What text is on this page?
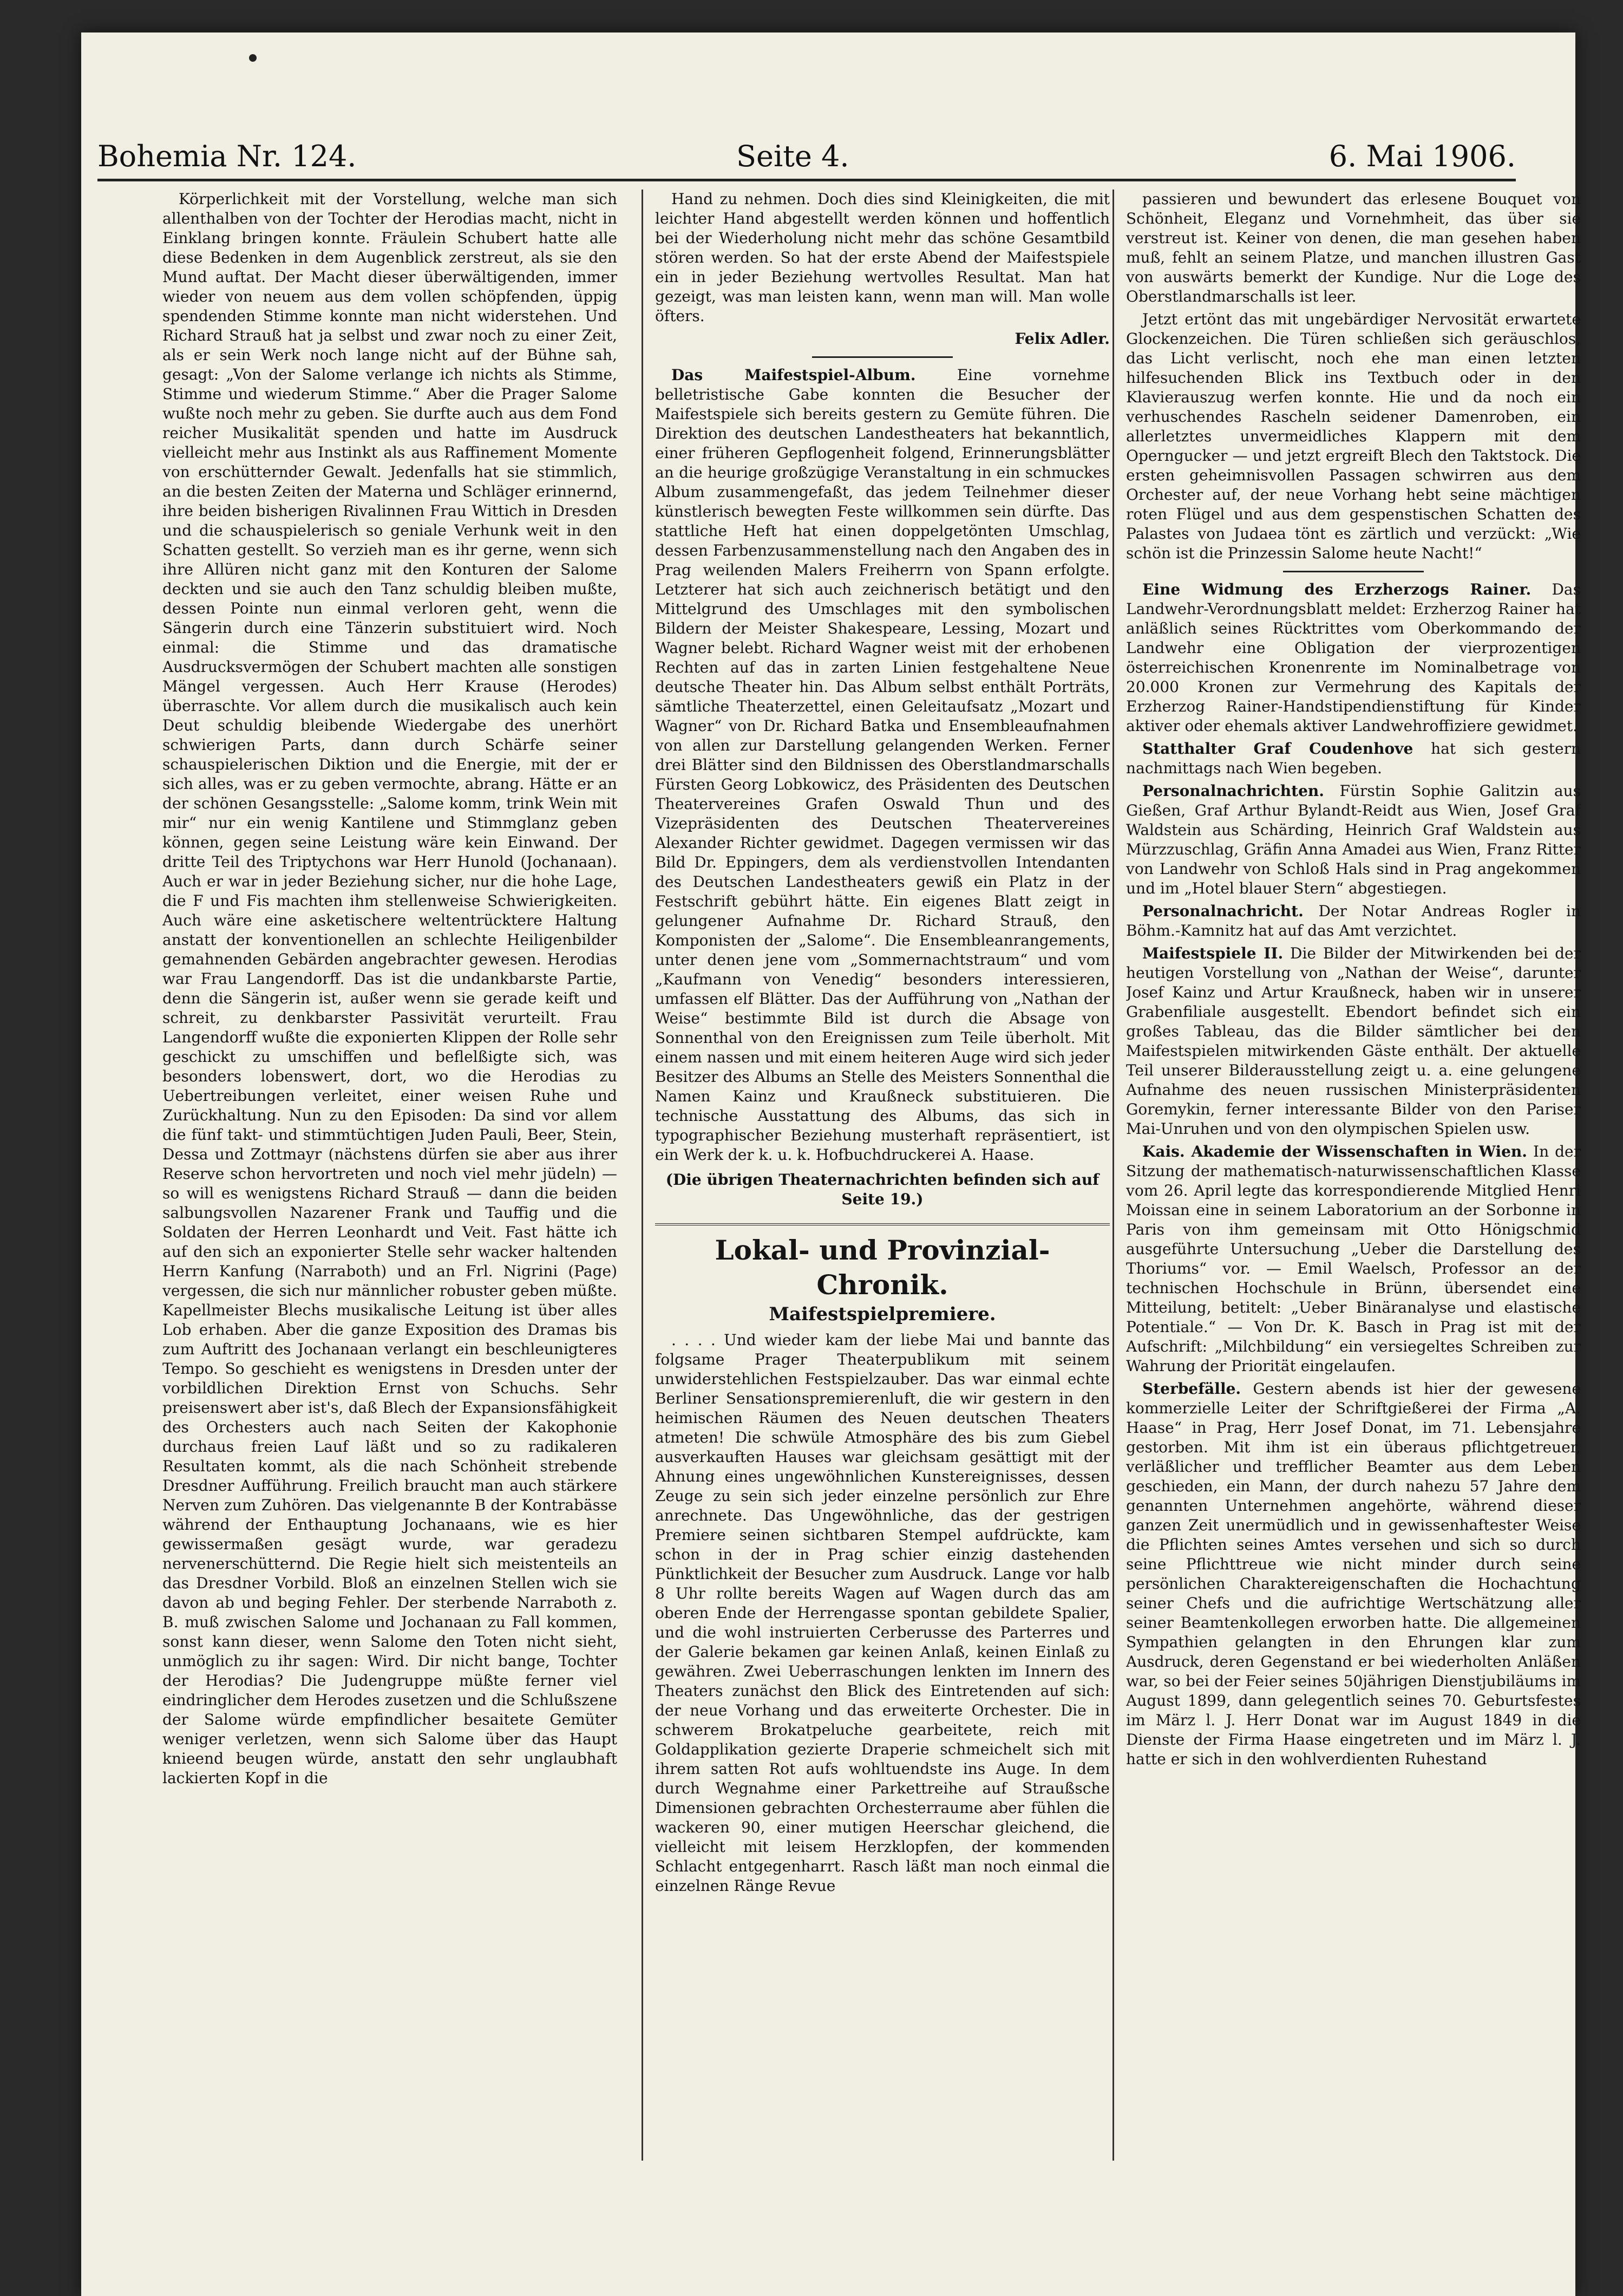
Bohemia Nr. 124.	Seite 4.	6. Mai 1906.

Körperlichkeit mit der Vorstellung, welche man sich allenthalben von der Tochter der Herodias macht, nicht in Einklang bringen konnte. Fräulein Schubert hatte alle diese Bedenken in dem Augenblick zerstreut, als sie den Mund auftat. Der Macht dieser überwältigenden, immer wieder von neuem aus dem vollen schöpfenden, üppig spendenden Stimme konnte man nicht widerstehen. Und Richard Strauß hat ja selbst und zwar noch zu einer Zeit, als er sein Werk noch lange nicht auf der Bühne sah, gesagt: „Von der Salome verlange ich nichts als Stimme, Stimme und wiederum Stimme.“ Aber die Prager Salome wußte noch mehr zu geben. Sie durfte auch aus dem Fond reicher Musikalität spenden und hatte im Ausdruck vielleicht mehr aus Instinkt als aus Raffinement Momente von erschütternder Gewalt. Jedenfalls hat sie stimmlich, an die besten Zeiten der Materna und Schläger erinnernd, ihre beiden bisherigen Rivalinnen Frau Wittich in Dresden und die schauspielerisch so geniale Verhunk weit in den Schatten gestellt. So verzieh man es ihr gerne, wenn sich ihre Allüren nicht ganz mit den Konturen der Salome deckten und sie auch den Tanz schuldig bleiben mußte, dessen Pointe nun einmal verloren geht, wenn die Sängerin durch eine Tänzerin substituiert wird. Noch einmal: die Stimme und das dramatische Ausdrucksvermögen der Schubert machten alle sonstigen Mängel vergessen. Auch Herr Krause (Herodes) überraschte. Vor allem durch die musikalisch auch kein Deut schuldig bleibende Wiedergabe des unerhört schwierigen Parts, dann durch Schärfe seiner schauspielerischen Diktion und die Energie, mit der er sich alles, was er zu geben vermochte, abrang. Hätte er an der schönen Gesangsstelle: „Salome komm, trink Wein mit mir“ nur ein wenig Kantilene und Stimmglanz geben können, gegen seine Leistung wäre kein Einwand. Der dritte Teil des Triptychons war Herr Hunold (Jochanaan). Auch er war in jeder Beziehung sicher, nur die hohe Lage, die F und Fis machten ihm stellenweise Schwierigkeiten. Auch wäre eine asketischere weltentrücktere Haltung anstatt der konventionellen an schlechte Heiligenbilder gemahnenden Gebärden angebrachter gewesen. Herodias war Frau Langendorff. Das ist die undankbarste Partie, denn die Sängerin ist, außer wenn sie gerade keift und schreit, zu denkbarster Passivität verurteilt. Frau Langendorff wußte die exponierten Klippen der Rolle sehr geschickt zu umschiffen und beflelßigte sich, was besonders lobenswert, dort, wo die Herodias zu Uebertreibungen verleitet, einer weisen Ruhe und Zurückhaltung. Nun zu den Episoden: Da sind vor allem die fünf takt- und stimmtüchtigen Juden Pauli, Beer, Stein, Dessa und Zottmayr (nächstens dürfen sie aber aus ihrer Reserve schon hervortreten und noch viel mehr jüdeln) — so will es wenigstens Richard Strauß — dann die beiden salbungsvollen Nazarener Frank und Tauffig und die Soldaten der Herren Leonhardt und Veit. Fast hätte ich auf den sich an exponierter Stelle sehr wacker haltenden Herrn Kanfung (Narraboth) und an Frl. Nigrini (Page) vergessen, die sich nur männlicher robuster geben müßte. Kapellmeister Blechs musikalische Leitung ist über alles Lob erhaben. Aber die ganze Exposition des Dramas bis zum Auftritt des Jochanaan verlangt ein beschleunigteres Tempo. So geschieht es wenigstens in Dresden unter der vorbildlichen Direktion Ernst von Schuchs. Sehr preisenswert aber ist's, daß Blech der Expansionsfähigkeit des Orchesters auch nach Seiten der Kakophonie durchaus freien Lauf läßt und so zu radikaleren Resultaten kommt, als die nach Schönheit strebende Dresdner Aufführung. Freilich braucht man auch stärkere Nerven zum Zuhören. Das vielgenannte B der Kontrabässe während der Enthauptung Jochanaans, wie es hier gewissermaßen gesägt wurde, war geradezu nervenerschütternd. Die Regie hielt sich meistenteils an das Dresdner Vorbild. Bloß an einzelnen Stellen wich sie davon ab und beging Fehler. Der sterbende Narraboth z. B. muß zwischen Salome und Jochanaan zu Fall kommen, sonst kann dieser, wenn Salome den Toten nicht sieht, unmöglich zu ihr sagen: Wird. Dir nicht bange, Tochter der Herodias? Die Judengruppe müßte ferner viel eindringlicher dem Herodes zusetzen und die Schlußszene der Salome würde empfindlicher besaitete Gemüter weniger verletzen, wenn sich Salome über das Haupt knieend beugen würde, anstatt den sehr unglaubhaft lackierten Kopf in die

Hand zu nehmen. Doch dies sind Kleinigkeiten, die mit leichter Hand abgestellt werden können und hoffentlich bei der Wiederholung nicht mehr das schöne Gesamtbild stören werden. So hat der erste Abend der Maifestspiele ein in jeder Beziehung wertvolles Resultat. Man hat gezeigt, was man leisten kann, wenn man will. Man wolle öfters.

Felix Adler.

Das Maifestspiel-Album.	Eine vornehme belletristische Gabe konnten die Besucher der Maifestspiele sich bereits gestern zu Gemüte führen. Die Direktion des deutschen Landestheaters hat bekanntlich, einer früheren Gepflogenheit folgend, Erinnerungsblätter an die heurige großzügige Veranstaltung in ein schmuckes Album zusammengefaßt, das jedem Teilnehmer dieser künstlerisch bewegten Feste willkommen sein dürfte. Das stattliche Heft hat einen doppelgetönten Umschlag, dessen Farbenzusammenstellung nach den Angaben des in Prag weilenden Malers Freiherrn von Spann erfolgte. Letzterer hat sich auch zeichnerisch betätigt und den Mittelgrund des Umschlages mit den symbolischen Bildern der Meister Shakespeare, Lessing, Mozart und Wagner belebt. Richard Wagner weist mit der erhobenen Rechten auf das in zarten Linien festgehaltene Neue deutsche Theater hin. Das Album selbst enthält Porträts, sämtliche Theaterzettel, einen Geleitaufsatz „Mozart und Wagner“ von Dr. Richard Batka und Ensembleaufnahmen von allen zur Darstellung gelangenden Werken. Ferner drei Blätter sind den Bildnissen des Oberstlandmarschalls Fürsten Georg Lobkowicz, des Präsidenten des Deutschen Theatervereines Grafen Oswald Thun und des Vizepräsidenten des Deutschen Theatervereines Alexander Richter gewidmet. Dagegen vermissen wir das Bild Dr. Eppingers, dem als verdienstvollen Intendanten des Deutschen Landestheaters gewiß ein Platz in der Festschrift gebührt hätte. Ein eigenes Blatt zeigt in gelungener Aufnahme Dr. Richard Strauß, den Komponisten der „Salome“. Die Ensembleanrangements, unter denen jene vom „Sommernachtstraum“ und vom „Kaufmann von Venedig“ besonders interessieren, umfassen elf Blätter. Das der Aufführung von „Nathan der Weise“ bestimmte Bild ist durch die Absage von Sonnenthal von den Ereignissen zum Teile überholt. Mit einem nassen und mit einem heiteren Auge wird sich jeder Besitzer des Albums an Stelle des Meisters Sonnenthal die Namen Kainz und Kraußneck substituieren. Die technische Ausstattung des Albums, das sich in typographischer Beziehung musterhaft repräsentiert, ist ein Werk der k. u. k. Hofbuchdruckerei A. Haase.

(Die übrigen Theaternachrichten befinden sich auf Seite 19.)
Lokal- und Provinzial-Chronik.
Maifestspielpremiere.

. . . . Und wieder kam der liebe Mai und bannte das folgsame Prager Theaterpublikum mit seinem unwiderstehlichen Festspielzauber. Das war einmal echte Berliner Sensationspremierenluft, die wir gestern in den heimischen Räumen des Neuen deutschen Theaters atmeten! Die schwüle Atmosphäre des bis zum Giebel ausverkauften Hauses war gleichsam gesättigt mit der Ahnung eines ungewöhnlichen Kunstereignisses, dessen Zeuge zu sein sich jeder einzelne persönlich zur Ehre anrechnete. Das Ungewöhnliche, das der gestrigen Premiere seinen sichtbaren Stempel aufdrückte, kam schon in der in Prag schier einzig dastehenden Pünktlichkeit der Besucher zum Ausdruck. Lange vor halb 8 Uhr rollte bereits Wagen auf Wagen durch das am oberen Ende der Herrengasse spontan gebildete Spalier, und die wohl instruierten Cerberusse des Parterres und der Galerie bekamen gar keinen Anlaß, keinen Einlaß zu gewähren. Zwei Ueberraschungen lenkten im Innern des Theaters zunächst den Blick des Eintretenden auf sich: der neue Vorhang und das erweiterte Orchester. Die in schwerem Brokatpeluche gearbeitete, reich mit Goldapplikation gezierte Draperie schmeichelt sich mit ihrem satten Rot aufs wohltuendste ins Auge. In dem durch Wegnahme einer Parkettreihe auf Straußsche Dimensionen gebrachten Orchesterraume aber fühlen die wackeren 90, einer mutigen Heerschar gleichend, die vielleicht mit leisem Herzklopfen, der kommenden Schlacht entgegenharrt. Rasch läßt man noch einmal die einzelnen Ränge Revue

passieren und bewundert das erlesene Bouquet von Schönheit, Eleganz und Vornehmheit, das über sie verstreut ist. Keiner von denen, die man gesehen haben muß, fehlt an seinem Platze, und manchen illustren Gast von auswärts bemerkt der Kundige. Nur die Loge des Oberstlandmarschalls ist leer.

Jetzt ertönt das mit ungebärdiger Nervosität erwartete Glockenzeichen. Die Türen schließen sich geräuschlos, das Licht verlischt, noch ehe man einen letzten hilfesuchenden Blick ins Textbuch oder in den Klavierauszug werfen konnte. Hie und da noch ein verhuschendes Rascheln seidener Damenroben, ein allerletztes unvermeidliches Klappern mit dem Operngucker — und jetzt ergreift Blech den Taktstock. Die ersten geheimnisvollen Passagen schwirren aus dem Orchester auf, der neue Vorhang hebt seine mächtigen roten Flügel und aus dem gespenstischen Schatten des Palastes von Judaea tönt es zärtlich und verzückt: „Wie schön ist die Prinzessin Salome heute Nacht!“

Eine Widmung des Erzherzogs Rainer. Das Landwehr-Verordnungsblatt meldet: Erzherzog Rainer hat anläßlich seines Rücktrittes vom Oberkommando der Landwehr eine Obligation der vierprozentigen österreichischen Kronenrente im Nominalbetrage von 20.000 Kronen zur Vermehrung des Kapitals der Erzherzog Rainer-Handstipendienstiftung für Kinder aktiver oder ehemals aktiver Landwehroffiziere gewidmet.

Statthalter Graf Coudenhove hat sich gestern nachmittags nach Wien begeben.

Personalnachrichten. Fürstin Sophie Galitzin aus Gießen, Graf Arthur Bylandt-Reidt aus Wien, Josef Graf Waldstein aus Schärding, Heinrich Graf Waldstein aus Mürzzuschlag, Gräfin Anna Amadei aus Wien, Franz Ritter von Landwehr von Schloß Hals sind in Prag angekommen und im „Hotel blauer Stern“ abgestiegen.

Personalnachricht. Der Notar Andreas Rogler in Böhm.-Kamnitz hat auf das Amt verzichtet.

Maifestspiele II. Die Bilder der Mitwirkenden bei der heutigen Vorstellung von „Nathan der Weise“, darunter Josef Kainz und Artur Kraußneck, haben wir in unserer Grabenfiliale ausgestellt. Ebendort befindet sich ein großes Tableau, das die Bilder sämtlicher bei den Maifestspielen mitwirkenden Gäste enthält. Der aktuelle Teil unserer Bilderausstellung zeigt u. a. eine gelungene Aufnahme des neuen russischen Ministerpräsidenten Goremykin, ferner interessante Bilder von den Pariser Mai-Unruhen und von den olympischen Spielen usw.

Kais. Akademie der Wissenschaften in Wien. In der Sitzung der mathematisch-naturwissenschaftlichen Klasse vom 26. April legte das korrespondierende Mitglied Henri Moissan eine in seinem Laboratorium an der Sorbonne in Paris von ihm gemeinsam mit Otto Hönigschmid ausgeführte Untersuchung „Ueber die Darstellung des Thoriums“ vor. — Emil Waelsch, Professor an der technischen Hochschule in Brünn, übersendet eine Mitteilung, betitelt: „Ueber Binäranalyse und elastische Potentiale.“ — Von Dr. K. Basch in Prag ist mit der Aufschrift: „Milchbildung“ ein versiegeltes Schreiben zur Wahrung der Priorität eingelaufen.

Sterbefälle. Gestern abends ist hier der gewesene kommerzielle Leiter der Schriftgießerei der Firma „A. Haase“ in Prag, Herr Josef Donat, im 71. Lebensjahre gestorben. Mit ihm ist ein überaus pflichtgetreuer, verläßlicher und trefflicher Beamter aus dem Leben geschieden, ein Mann, der durch nahezu 57 Jahre dem genannten Unternehmen angehörte, während dieser ganzen Zeit unermüdlich und in gewissenhaftester Weise die Pflichten seines Amtes versehen und sich so durch seine Pflichttreue wie nicht minder durch seine persönlichen Charaktereigenschaften die Hochachtung seiner Chefs und die aufrichtige Wertschätzung aller seiner Beamtenkollegen erworben hatte. Die allgemeinen Sympathien gelangten in den Ehrungen klar zum Ausdruck, deren Gegenstand er bei wiederholten Anläßen war, so bei der Feier seines 50jährigen Dienstjubiläums im August 1899, dann gelegentlich seines 70. Geburtsfestes im März l. J. Herr Donat war im August 1849 in die Dienste der Firma Haase eingetreten und im März l. J. hatte er sich in den wohlverdienten Ruhestand
